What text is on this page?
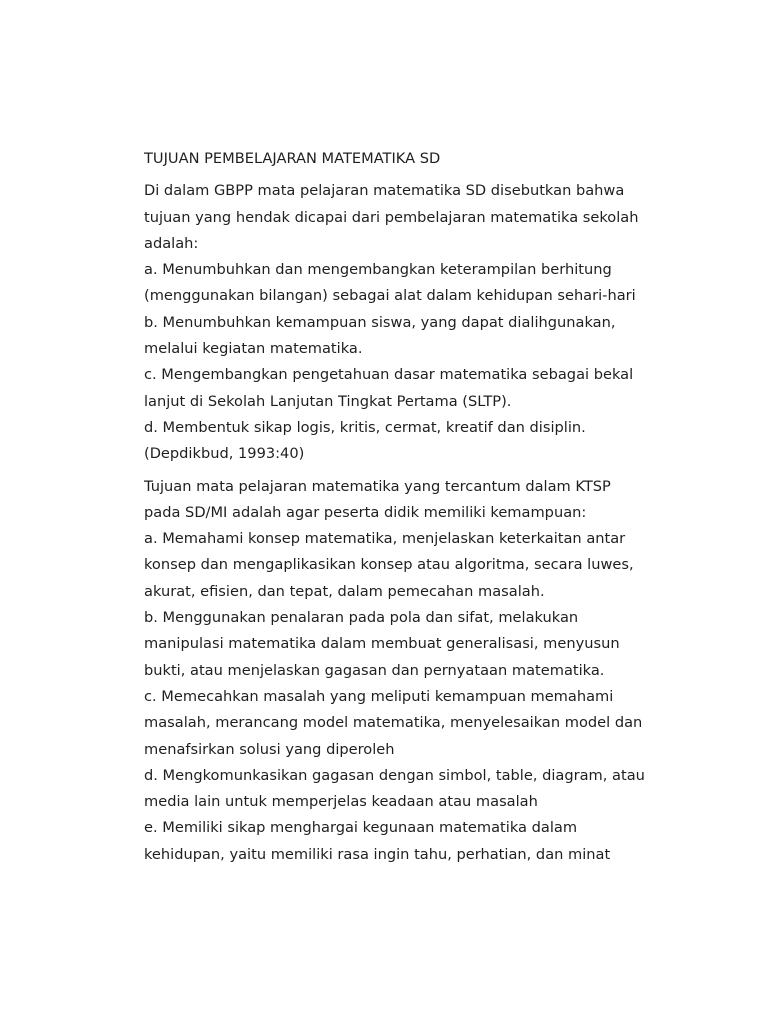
TUJUAN PEMBELAJARAN MATEMATIKA SD

Di dalam GBPP mata pelajaran matematika SD disebutkan bahwa

tujuan yang hendak dicapai dari pembelajaran matematika sekolah

adalah:

a. Menumbuhkan dan mengembangkan keterampilan berhitung

(menggunakan bilangan) sebagai alat dalam kehidupan sehari-hari

b. Menumbuhkan kemampuan siswa, yang dapat dialihgunakan,

melalui kegiatan matematika.

c. Mengembangkan pengetahuan dasar matematika sebagai bekal

lanjut di Sekolah Lanjutan Tingkat Pertama (SLTP).

d. Membentuk sikap logis, kritis, cermat, kreatif dan disiplin.

(Depdikbud, 1993:40)

Tujuan mata pelajaran matematika yang tercantum dalam KTSP

pada SD/MI adalah agar peserta didik memiliki kemampuan:

a. Memahami konsep matematika, menjelaskan keterkaitan antar

konsep dan mengaplikasikan konsep atau algoritma, secara luwes,

akurat, efisien, dan tepat, dalam pemecahan masalah.

b. Menggunakan penalaran pada pola dan sifat, melakukan

manipulasi matematika dalam membuat generalisasi, menyusun

bukti, atau menjelaskan gagasan dan pernyataan matematika.

c. Memecahkan masalah yang meliputi kemampuan memahami

masalah, merancang model matematika, menyelesaikan model dan

menafsirkan solusi yang diperoleh

d. Mengkomunkasikan gagasan dengan simbol, table, diagram, atau

media lain untuk memperjelas keadaan atau masalah

e. Memiliki sikap menghargai kegunaan matematika dalam

kehidupan, yaitu memiliki rasa ingin tahu, perhatian, dan minat
